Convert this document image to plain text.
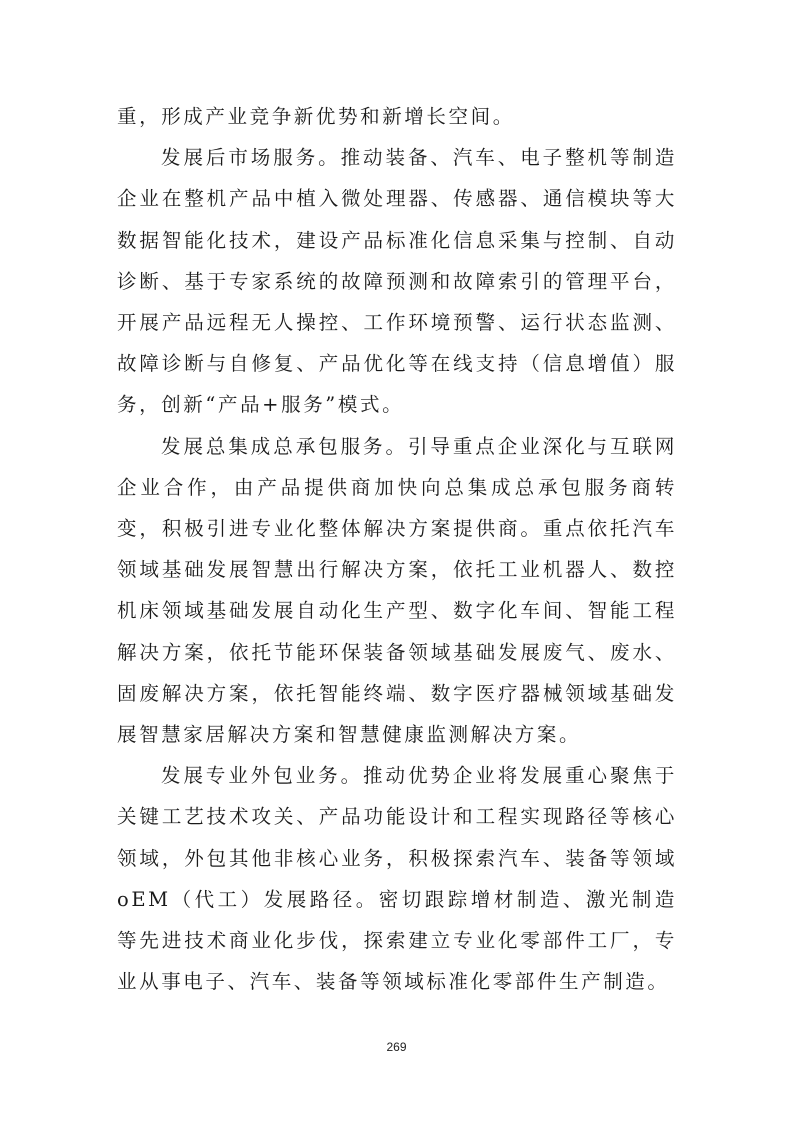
重，形成产业竞争新优势和新增长空间。

发展后市场服务。推动装备、汽车、电子整机等制造企业在整机产品中植入微处理器、传感器、通信模块等大数据智能化技术，建设产品标准化信息采集与控制、自动诊断、基于专家系统的故障预测和故障索引的管理平台，开展产品远程无人操控、工作环境预警、运行状态监测、故障诊断与自修复、产品优化等在线支持（信息增值）服务，创新“产品+服务”模式。

发展总集成总承包服务。引导重点企业深化与互联网企业合作，由产品提供商加快向总集成总承包服务商转变，积极引进专业化整体解决方案提供商。重点依托汽车领域基础发展智慧出行解决方案，依托工业机器人、数控机床领域基础发展自动化生产型、数字化车间、智能工程解决方案，依托节能环保装备领域基础发展废气、废水、固废解决方案，依托智能终端、数字医疗器械领域基础发展智慧家居解决方案和智慧健康监测解决方案。

发展专业外包业务。推动优势企业将发展重心聚焦于关键工艺技术攻关、产品功能设计和工程实现路径等核心领域，外包其他非核心业务，积极探索汽车、装备等领域oEM（代工）发展路径。密切跟踪增材制造、激光制造等先进技术商业化步伐，探索建立专业化零部件工厂，专业从事电子、汽车、装备等领域标准化零部件生产制造。

269
